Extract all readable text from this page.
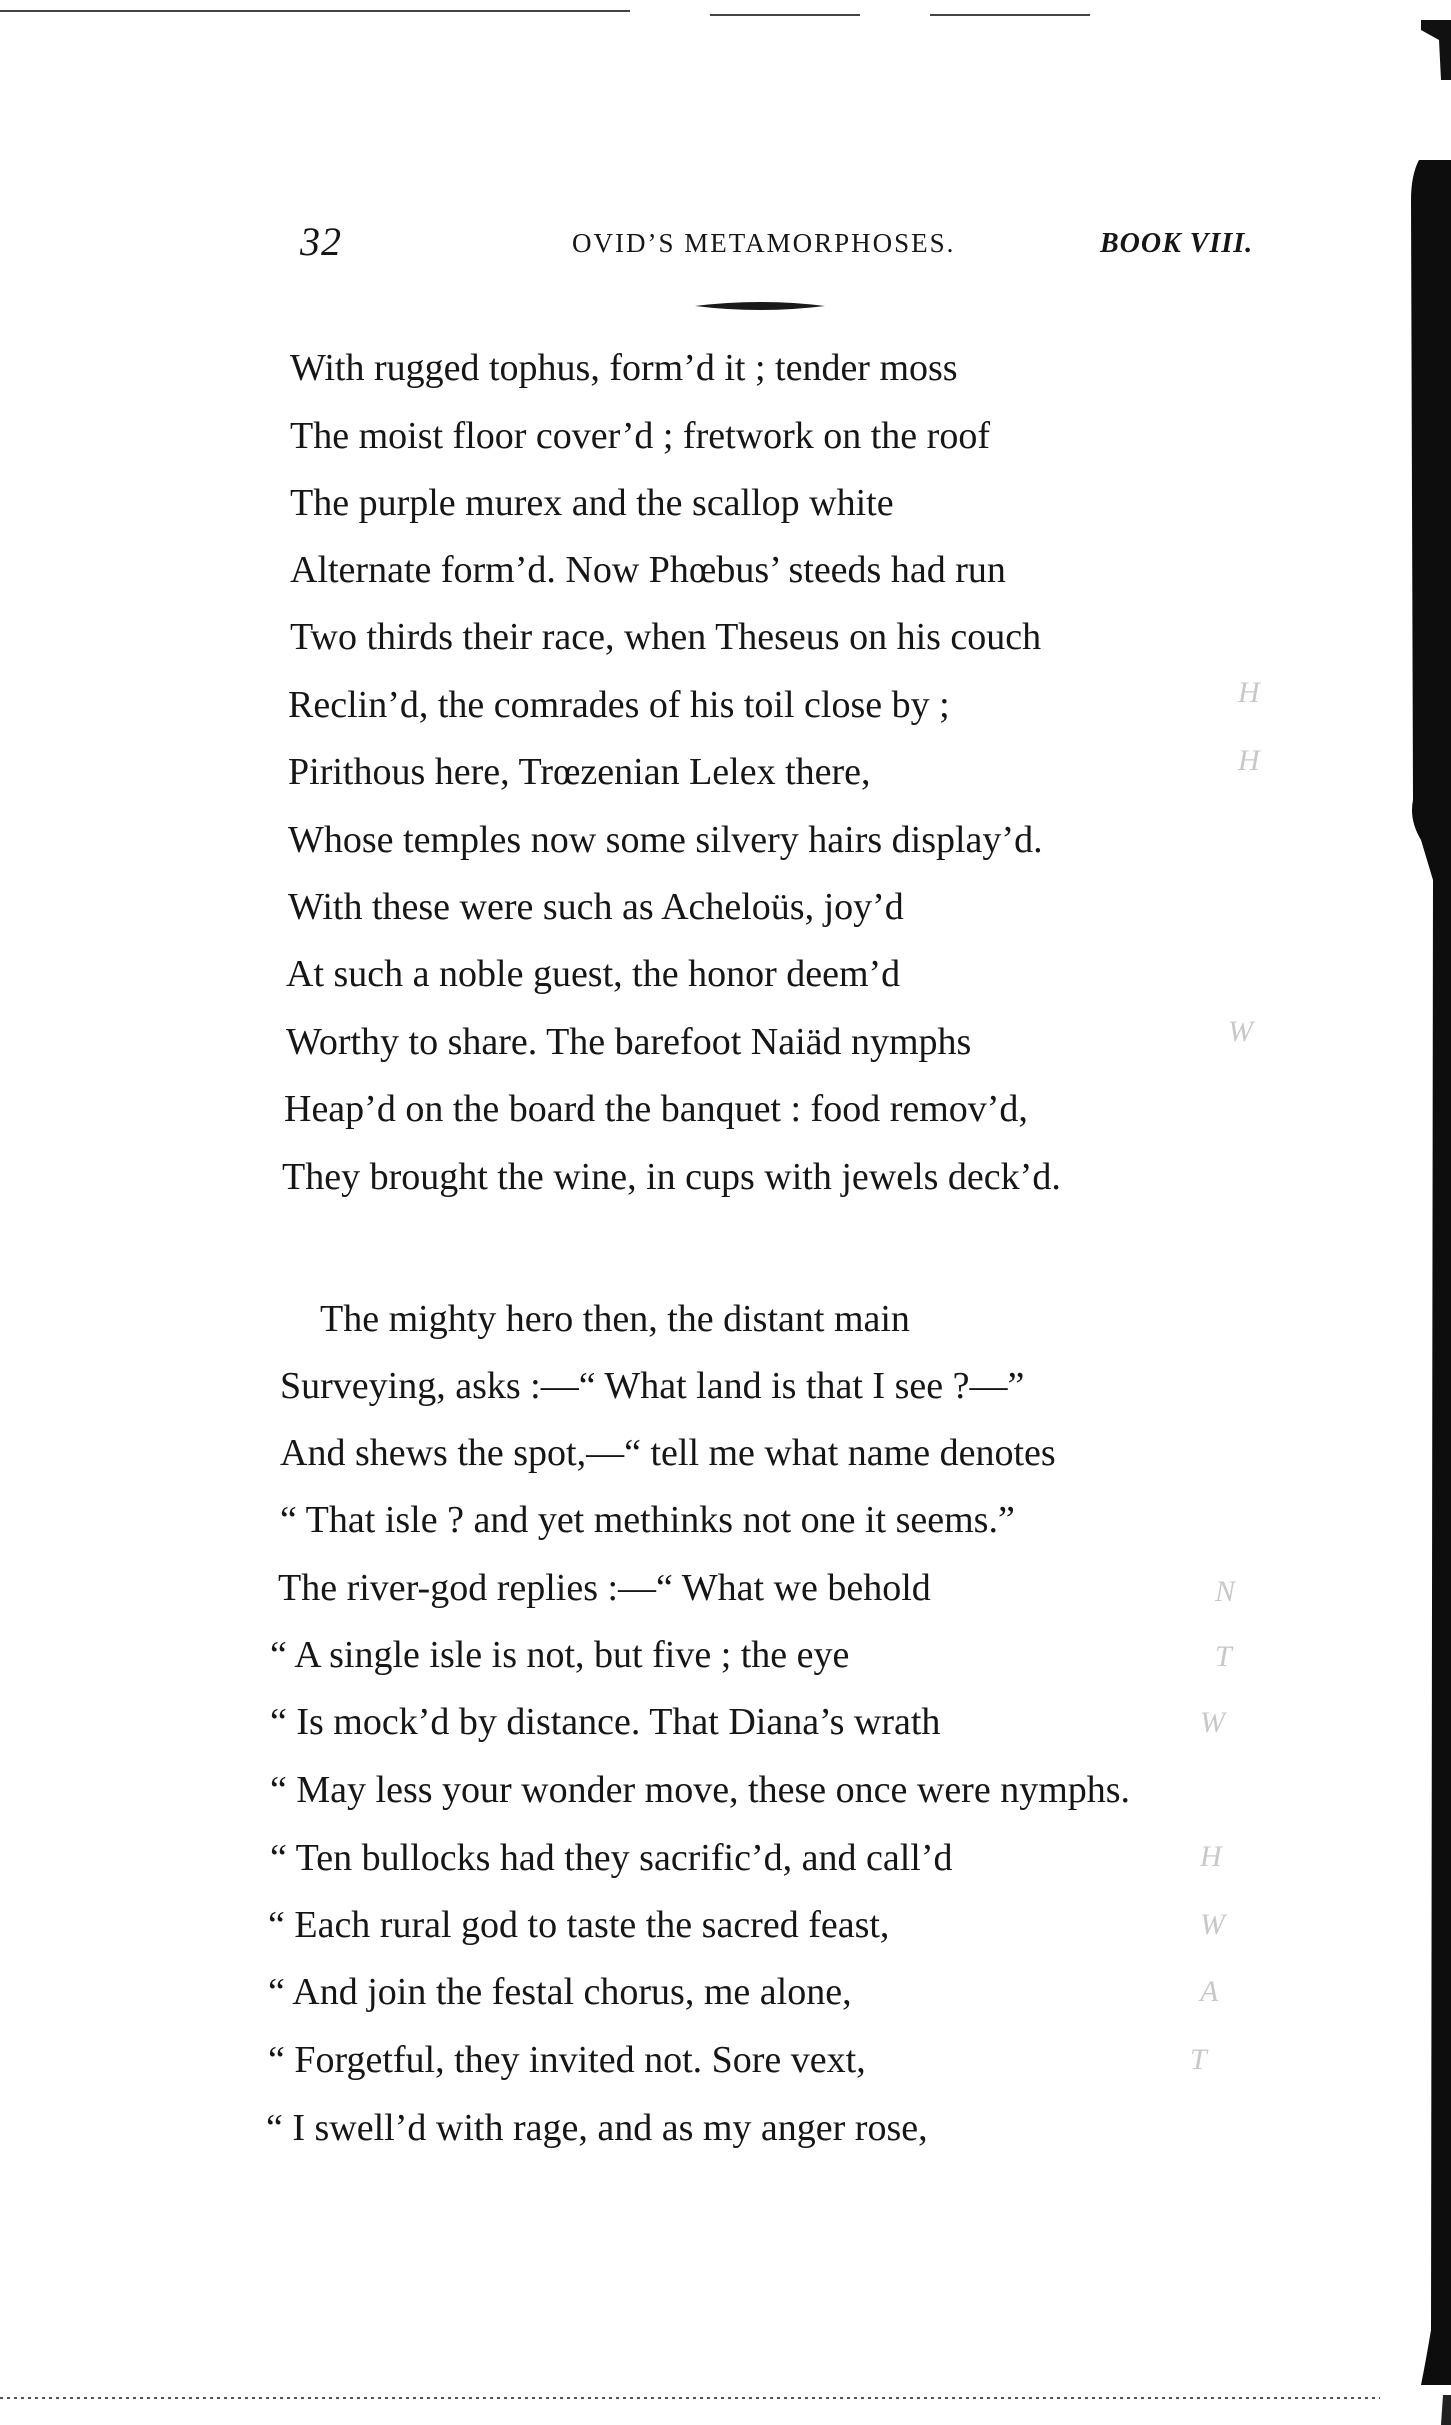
32	OVID’S METAMORPHOSES.	BOOK VIII.
With rugged tophus, form’d it ; tender moss
The moist floor cover’d ; fretwork on the roof
The purple murex and the scallop white
Alternate form’d. Now Phœbus’ steeds had run
Two thirds their race, when Theseus on his couch
Reclin’d, the comrades of his toil close by ;
Pirithous here, Trœzenian Lelex there,
Whose temples now some silvery hairs display’d.
With these were such as Acheloüs, joy’d
At such a noble guest, the honor deem’d
Worthy to share. The barefoot Naiäd nymphs
Heap’d on the board the banquet : food remov’d,
They brought the wine, in cups with jewels deck’d.
The mighty hero then, the distant main
Surveying, asks :—“ What land is that I see ?—”
And shews the spot,—“ tell me what name denotes
“ That isle ? and yet methinks not one it seems.”
The river-god replies :—“ What we behold
“ A single isle is not, but five ; the eye
“ Is mock’d by distance. That Diana’s wrath
“ May less your wonder move, these once were nymphs.
“ Ten bullocks had they sacrific’d, and call’d
“ Each rural god to taste the sacred feast,
“ And join the festal chorus, me alone,
“ Forgetful, they invited not. Sore vext,
“ I swell’d with rage, and as my anger rose,
H
H
W
N
T
W
H
W
A
T
